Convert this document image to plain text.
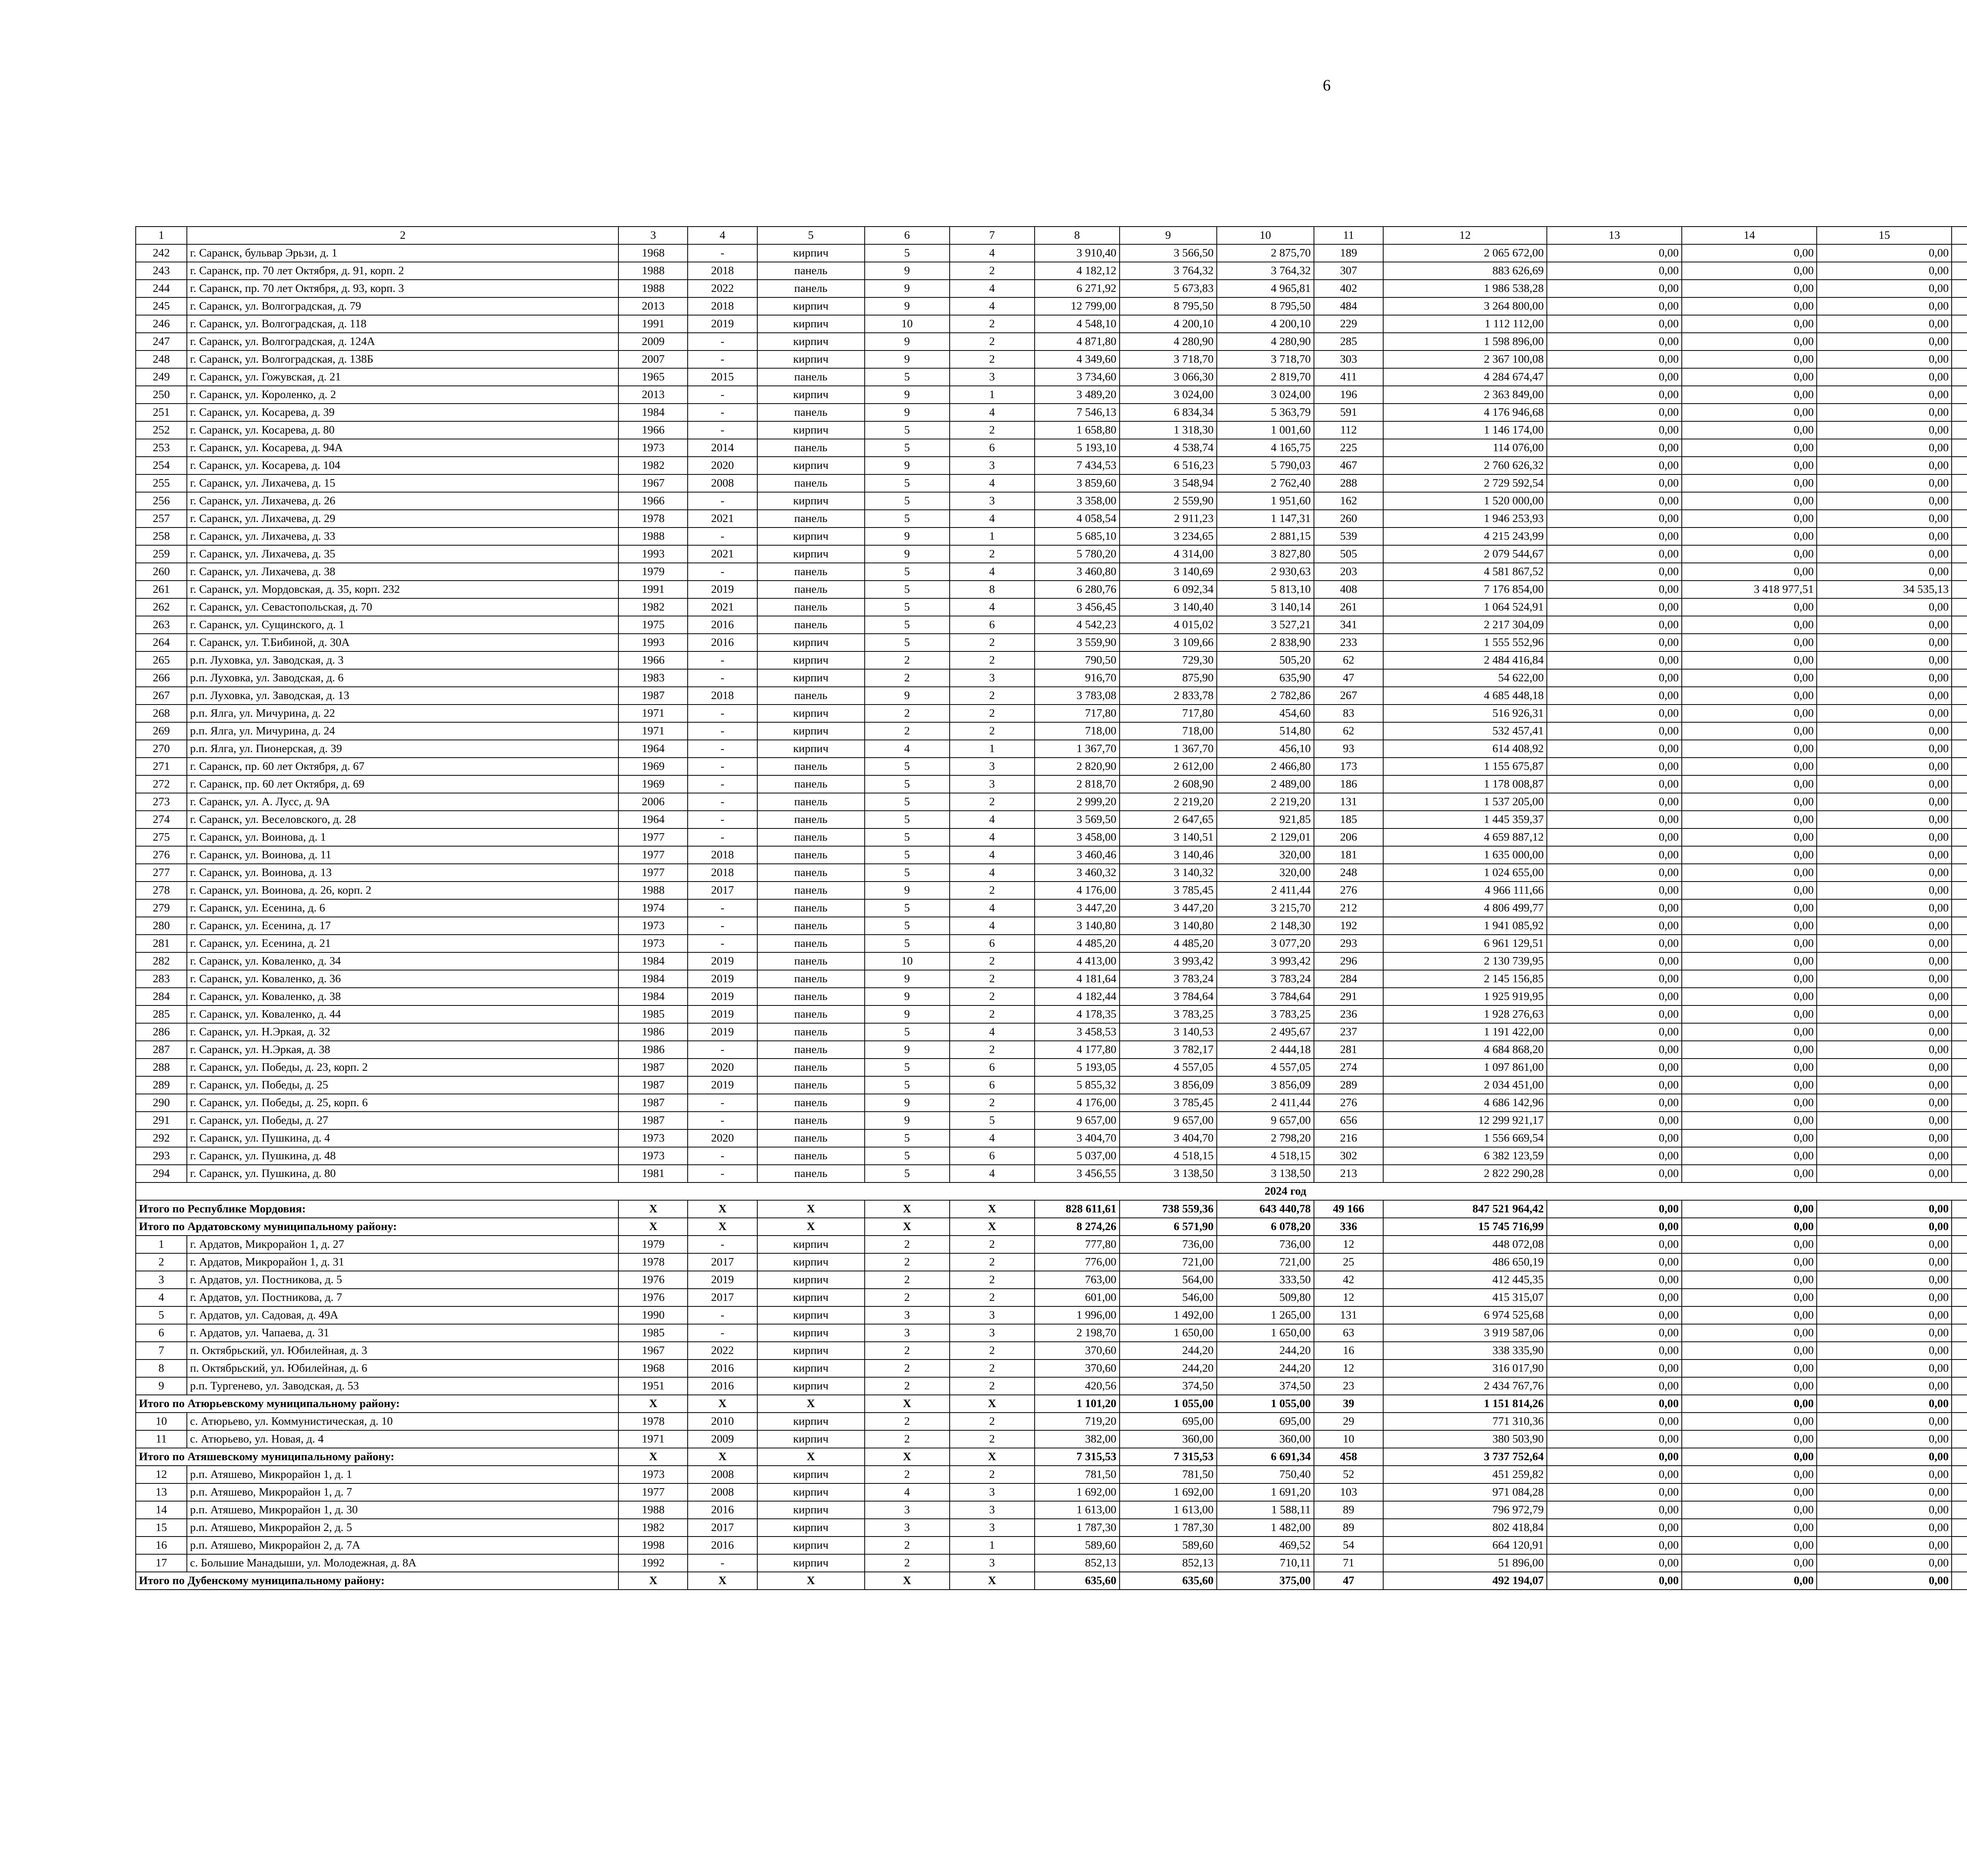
6
1	2	3	4	5	6	7	8	9	10	11	12	13	14	15				
242	г. Саранск, бульвар Эрьзи, д. 1	1968	-	кирпич	5	4	3 910,40	3 566,50	2 875,70	189	2 065 672,00	0,00	0,00	0,00				
243	г. Саранск, пр. 70 лет Октября, д. 91, корп. 2	1988	2018	панель	9	2	4 182,12	3 764,32	3 764,32	307	883 626,69	0,00	0,00	0,00				
244	г. Саранск, пр. 70 лет Октября, д. 93, корп. 3	1988	2022	панель	9	4	6 271,92	5 673,83	4 965,81	402	1 986 538,28	0,00	0,00	0,00				
245	г. Саранск, ул. Волгоградская, д. 79	2013	2018	кирпич	9	4	12 799,00	8 795,50	8 795,50	484	3 264 800,00	0,00	0,00	0,00				
246	г. Саранск, ул. Волгоградская, д. 118	1991	2019	кирпич	10	2	4 548,10	4 200,10	4 200,10	229	1 112 112,00	0,00	0,00	0,00				
247	г. Саранск, ул. Волгоградская, д. 124А	2009	-	кирпич	9	2	4 871,80	4 280,90	4 280,90	285	1 598 896,00	0,00	0,00	0,00				
248	г. Саранск, ул. Волгоградская, д. 138Б	2007	-	кирпич	9	2	4 349,60	3 718,70	3 718,70	303	2 367 100,08	0,00	0,00	0,00				
249	г. Саранск, ул. Гожувская, д. 21	1965	2015	панель	5	3	3 734,60	3 066,30	2 819,70	411	4 284 674,47	0,00	0,00	0,00				
250	г. Саранск, ул. Короленко, д. 2	2013	-	кирпич	9	1	3 489,20	3 024,00	3 024,00	196	2 363 849,00	0,00	0,00	0,00				
251	г. Саранск, ул. Косарева, д. 39	1984	-	панель	9	4	7 546,13	6 834,34	5 363,79	591	4 176 946,68	0,00	0,00	0,00				
252	г. Саранск, ул. Косарева, д. 80	1966	-	кирпич	5	2	1 658,80	1 318,30	1 001,60	112	1 146 174,00	0,00	0,00	0,00				
253	г. Саранск, ул. Косарева, д. 94А	1973	2014	панель	5	6	5 193,10	4 538,74	4 165,75	225	114 076,00	0,00	0,00	0,00				
254	г. Саранск, ул. Косарева, д. 104	1982	2020	кирпич	9	3	7 434,53	6 516,23	5 790,03	467	2 760 626,32	0,00	0,00	0,00				
255	г. Саранск, ул. Лихачева, д. 15	1967	2008	панель	5	4	3 859,60	3 548,94	2 762,40	288	2 729 592,54	0,00	0,00	0,00				
256	г. Саранск, ул. Лихачева, д. 26	1966	-	кирпич	5	3	3 358,00	2 559,90	1 951,60	162	1 520 000,00	0,00	0,00	0,00				
257	г. Саранск, ул. Лихачева, д. 29	1978	2021	панель	5	4	4 058,54	2 911,23	1 147,31	260	1 946 253,93	0,00	0,00	0,00				
258	г. Саранск, ул. Лихачева, д. 33	1988	-	кирпич	9	1	5 685,10	3 234,65	2 881,15	539	4 215 243,99	0,00	0,00	0,00				
259	г. Саранск, ул. Лихачева, д. 35	1993	2021	кирпич	9	2	5 780,20	4 314,00	3 827,80	505	2 079 544,67	0,00	0,00	0,00				
260	г. Саранск, ул. Лихачева, д. 38	1979	-	панель	5	4	3 460,80	3 140,69	2 930,63	203	4 581 867,52	0,00	0,00	0,00				
261	г. Саранск, ул. Мордовская, д. 35, корп. 232	1991	2019	панель	5	8	6 280,76	6 092,34	5 813,10	408	7 176 854,00	0,00	3 418 977,51	34 535,13				
262	г. Саранск, ул. Севастопольская, д. 70	1982	2021	панель	5	4	3 456,45	3 140,40	3 140,14	261	1 064 524,91	0,00	0,00	0,00				
263	г. Саранск, ул. Сущинского, д. 1	1975	2016	панель	5	6	4 542,23	4 015,02	3 527,21	341	2 217 304,09	0,00	0,00	0,00				
264	г. Саранск, ул. Т.Бибиной, д. 30А	1993	2016	кирпич	5	2	3 559,90	3 109,66	2 838,90	233	1 555 552,96	0,00	0,00	0,00				
265	р.п. Луховка, ул. Заводская, д. 3	1966	-	кирпич	2	2	790,50	729,30	505,20	62	2 484 416,84	0,00	0,00	0,00				
266	р.п. Луховка, ул. Заводская, д. 6	1983	-	кирпич	2	3	916,70	875,90	635,90	47	54 622,00	0,00	0,00	0,00				
267	р.п. Луховка, ул. Заводская, д. 13	1987	2018	панель	9	2	3 783,08	2 833,78	2 782,86	267	4 685 448,18	0,00	0,00	0,00				
268	р.п. Ялга, ул. Мичурина, д. 22	1971	-	кирпич	2	2	717,80	717,80	454,60	83	516 926,31	0,00	0,00	0,00				
269	р.п. Ялга, ул. Мичурина, д. 24	1971	-	кирпич	2	2	718,00	718,00	514,80	62	532 457,41	0,00	0,00	0,00				
270	р.п. Ялга, ул. Пионерская, д. 39	1964	-	кирпич	4	1	1 367,70	1 367,70	456,10	93	614 408,92	0,00	0,00	0,00				
271	г. Саранск, пр. 60 лет Октября, д. 67	1969	-	панель	5	3	2 820,90	2 612,00	2 466,80	173	1 155 675,87	0,00	0,00	0,00				
272	г. Саранск, пр. 60 лет Октября, д. 69	1969	-	панель	5	3	2 818,70	2 608,90	2 489,00	186	1 178 008,87	0,00	0,00	0,00				
273	г. Саранск, ул. А. Лусс, д. 9А	2006	-	панель	5	2	2 999,20	2 219,20	2 219,20	131	1 537 205,00	0,00	0,00	0,00				
274	г. Саранск, ул. Веселовского, д. 28	1964	-	панель	5	4	3 569,50	2 647,65	921,85	185	1 445 359,37	0,00	0,00	0,00				
275	г. Саранск, ул. Воинова, д. 1	1977	-	панель	5	4	3 458,00	3 140,51	2 129,01	206	4 659 887,12	0,00	0,00	0,00				
276	г. Саранск, ул. Воинова, д. 11	1977	2018	панель	5	4	3 460,46	3 140,46	320,00	181	1 635 000,00	0,00	0,00	0,00				
277	г. Саранск, ул. Воинова, д. 13	1977	2018	панель	5	4	3 460,32	3 140,32	320,00	248	1 024 655,00	0,00	0,00	0,00				
278	г. Саранск, ул. Воинова, д. 26, корп. 2	1988	2017	панель	9	2	4 176,00	3 785,45	2 411,44	276	4 966 111,66	0,00	0,00	0,00				
279	г. Саранск, ул. Есенина, д. 6	1974	-	панель	5	4	3 447,20	3 447,20	3 215,70	212	4 806 499,77	0,00	0,00	0,00				
280	г. Саранск, ул. Есенина, д. 17	1973	-	панель	5	4	3 140,80	3 140,80	2 148,30	192	1 941 085,92	0,00	0,00	0,00				
281	г. Саранск, ул. Есенина, д. 21	1973	-	панель	5	6	4 485,20	4 485,20	3 077,20	293	6 961 129,51	0,00	0,00	0,00				
282	г. Саранск, ул. Коваленко, д. 34	1984	2019	панель	10	2	4 413,00	3 993,42	3 993,42	296	2 130 739,95	0,00	0,00	0,00				
283	г. Саранск, ул. Коваленко, д. 36	1984	2019	панель	9	2	4 181,64	3 783,24	3 783,24	284	2 145 156,85	0,00	0,00	0,00				
284	г. Саранск, ул. Коваленко, д. 38	1984	2019	панель	9	2	4 182,44	3 784,64	3 784,64	291	1 925 919,95	0,00	0,00	0,00				
285	г. Саранск, ул. Коваленко, д. 44	1985	2019	панель	9	2	4 178,35	3 783,25	3 783,25	236	1 928 276,63	0,00	0,00	0,00				
286	г. Саранск, ул. Н.Эркая, д. 32	1986	2019	панель	5	4	3 458,53	3 140,53	2 495,67	237	1 191 422,00	0,00	0,00	0,00				
287	г. Саранск, ул. Н.Эркая, д. 38	1986	-	панель	9	2	4 177,80	3 782,17	2 444,18	281	4 684 868,20	0,00	0,00	0,00				
288	г. Саранск, ул. Победы, д. 23, корп. 2	1987	2020	панель	5	6	5 193,05	4 557,05	4 557,05	274	1 097 861,00	0,00	0,00	0,00				
289	г. Саранск, ул. Победы, д. 25	1987	2019	панель	5	6	5 855,32	3 856,09	3 856,09	289	2 034 451,00	0,00	0,00	0,00				
290	г. Саранск, ул. Победы, д. 25, корп. 6	1987	-	панель	9	2	4 176,00	3 785,45	2 411,44	276	4 686 142,96	0,00	0,00	0,00				
291	г. Саранск, ул. Победы, д. 27	1987	-	панель	9	5	9 657,00	9 657,00	9 657,00	656	12 299 921,17	0,00	0,00	0,00				
292	г. Саранск, ул. Пушкина, д. 4	1973	2020	панель	5	4	3 404,70	3 404,70	2 798,20	216	1 556 669,54	0,00	0,00	0,00				
293	г. Саранск, ул. Пушкина, д. 48	1973	-	панель	5	6	5 037,00	4 518,15	4 518,15	302	6 382 123,59	0,00	0,00	0,00				
294	г. Саранск, ул. Пушкина, д. 80	1981	-	панель	5	4	3 456,55	3 138,50	3 138,50	213	2 822 290,28	0,00	0,00	0,00				
2024 год																		
Итого по Республике Мордовия:		X	X	X	X	X	828 611,61	738 559,36	643 440,78	49 166	847 521 964,42	0,00	0,00	0,00				
Итого по Ардатовскому муниципальному району:		X	X	X	X	X	8 274,26	6 571,90	6 078,20	336	15 745 716,99	0,00	0,00	0,00				
1	г. Ардатов, Микрорайон 1, д. 27	1979	-	кирпич	2	2	777,80	736,00	736,00	12	448 072,08	0,00	0,00	0,00				
2	г. Ардатов, Микрорайон 1, д. 31	1978	2017	кирпич	2	2	776,00	721,00	721,00	25	486 650,19	0,00	0,00	0,00				
3	г. Ардатов, ул. Постникова, д. 5	1976	2019	кирпич	2	2	763,00	564,00	333,50	42	412 445,35	0,00	0,00	0,00				
4	г. Ардатов, ул. Постникова, д. 7	1976	2017	кирпич	2	2	601,00	546,00	509,80	12	415 315,07	0,00	0,00	0,00				
5	г. Ардатов, ул. Садовая, д. 49А	1990	-	кирпич	3	3	1 996,00	1 492,00	1 265,00	131	6 974 525,68	0,00	0,00	0,00				
6	г. Ардатов, ул. Чапаева, д. 31	1985	-	кирпич	3	3	2 198,70	1 650,00	1 650,00	63	3 919 587,06	0,00	0,00	0,00				
7	п. Октябрьский, ул. Юбилейная, д. 3	1967	2022	кирпич	2	2	370,60	244,20	244,20	16	338 335,90	0,00	0,00	0,00				
8	п. Октябрьский, ул. Юбилейная, д. 6	1968	2016	кирпич	2	2	370,60	244,20	244,20	12	316 017,90	0,00	0,00	0,00				
9	р.п. Тургенево, ул. Заводская, д. 53	1951	2016	кирпич	2	2	420,56	374,50	374,50	23	2 434 767,76	0,00	0,00	0,00				
Итого по Атюрьевскому муниципальному району:		X	X	X	X	X	1 101,20	1 055,00	1 055,00	39	1 151 814,26	0,00	0,00	0,00				
10	с. Атюрьево, ул. Коммунистическая, д. 10	1978	2010	кирпич	2	2	719,20	695,00	695,00	29	771 310,36	0,00	0,00	0,00				
11	с. Атюрьево, ул. Новая, д. 4	1971	2009	кирпич	2	2	382,00	360,00	360,00	10	380 503,90	0,00	0,00	0,00				
Итого по Атяшевскому муниципальному району:		X	X	X	X	X	7 315,53	7 315,53	6 691,34	458	3 737 752,64	0,00	0,00	0,00				
12	р.п. Атяшево, Микрорайон 1, д. 1	1973	2008	кирпич	2	2	781,50	781,50	750,40	52	451 259,82	0,00	0,00	0,00				
13	р.п. Атяшево, Микрорайон 1, д. 7	1977	2008	кирпич	4	3	1 692,00	1 692,00	1 691,20	103	971 084,28	0,00	0,00	0,00				
14	р.п. Атяшево, Микрорайон 1, д. 30	1988	2016	кирпич	3	3	1 613,00	1 613,00	1 588,11	89	796 972,79	0,00	0,00	0,00				
15	р.п. Атяшево, Микрорайон 2, д. 5	1982	2017	кирпич	3	3	1 787,30	1 787,30	1 482,00	89	802 418,84	0,00	0,00	0,00				
16	р.п. Атяшево, Микрорайон 2, д. 7А	1998	2016	кирпич	2	1	589,60	589,60	469,52	54	664 120,91	0,00	0,00	0,00				
17	с. Большие Манадыши, ул. Молодежная, д. 8А	1992	-	кирпич	2	3	852,13	852,13	710,11	71	51 896,00	0,00	0,00	0,00				
Итого по Дубенскому муниципальному району:		X	X	X	X	X	635,60	635,60	375,00	47	492 194,07	0,00	0,00	0,00				
